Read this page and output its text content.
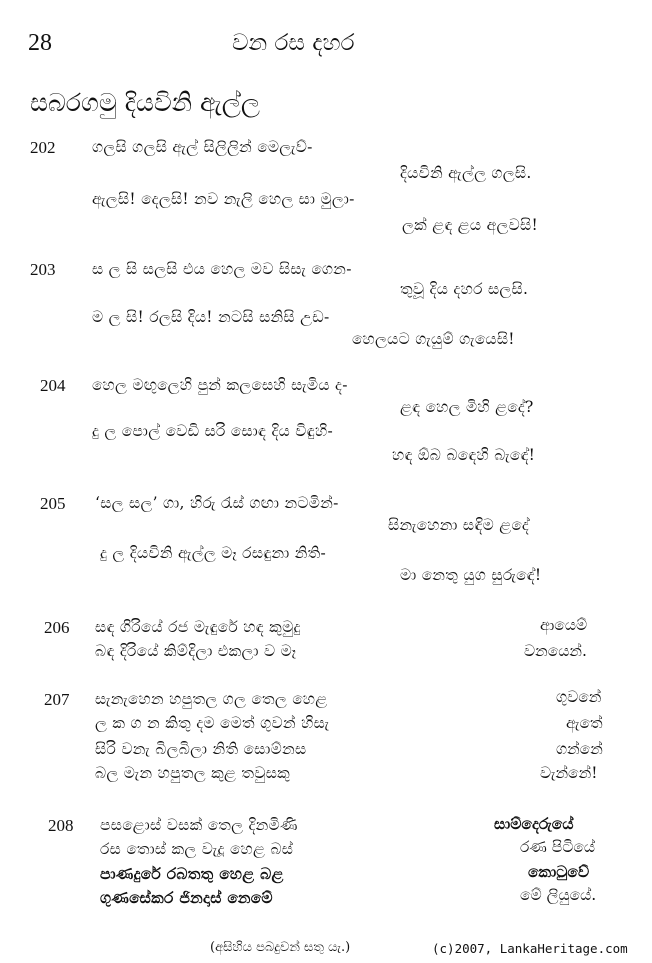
28	වන රස දහර
සබරගමු දියවිනි ඇල්ල
202 ගලසි ගලසි ඇල් සිලිලින් මෙලැව්-
දියවිනි ඇල්ල ගලසි.
ඇලසි! දෙලසි! නව නැලි හෙල සා මුලා-
ලක් ළඳ ළය අලවසි!
203 ස ල සි සලසි එය හෙල මව සිසැ ගෙන-
තුවූ දිය දහර සලසි.
ම ල සි! රලසි දිය! නටසි සනිසි උඩ-
හෙලයට ගැයුම් ගැයෙසි!
204 හෙල මඟුලෙහි පුන් කලසෙහි සැමිය ද-
ළඳ හෙල මිහි ළදේ?
දු ල පොල් වෙඩි සරි සොඳ දිය විඳුහි-
හඳ ඕබ බඳෙහි බැඳේ!
205 ‘සල සල’ ගා, හිරු රැස් ගඟා නටමින්-
සිනැහෙනා සඳිම ළදේ
දු ල දියවිනි ඇල්ල මෑ රසඳුනා නිති-
මා නෙතු යුග සුරුඳේ!
206 සඳ ගිරියේ රජ මැඳුරේ හඳ කුමුදු
බඳ දිරියේ කිම්දිලා එකලා ව මෑ
ආයෙම්
වනයෙන්.
207 සැනැහෙන හපුතල ගල තෙල හෙළ
ල ක ග න කිතු දම මෙත් ගුවන් හිසැ
සිරි වනැ බිලබිලා නිති සොම්නස
බල මැන හපුතල කුළ තවුසකු
ගුවනේ
ඇතේ
ගන්නේ
වැන්නේ!
208 පසළොස් වසක් තෙල දිනමිණි
රස තොස් කල වැදූ හෙළ බස්
පාණදුරේ රබතතු හෙළ බළ
ගුණසේකර ජිනදාස් නෙමේ
සාම්දෙරුයේ
රණ පිටියේ
කොටුවේ
මේ ලියුයේ.
(අසිහිය පබදුවන් සතු යැ.)	(c)2007, LankaHeritage.com
